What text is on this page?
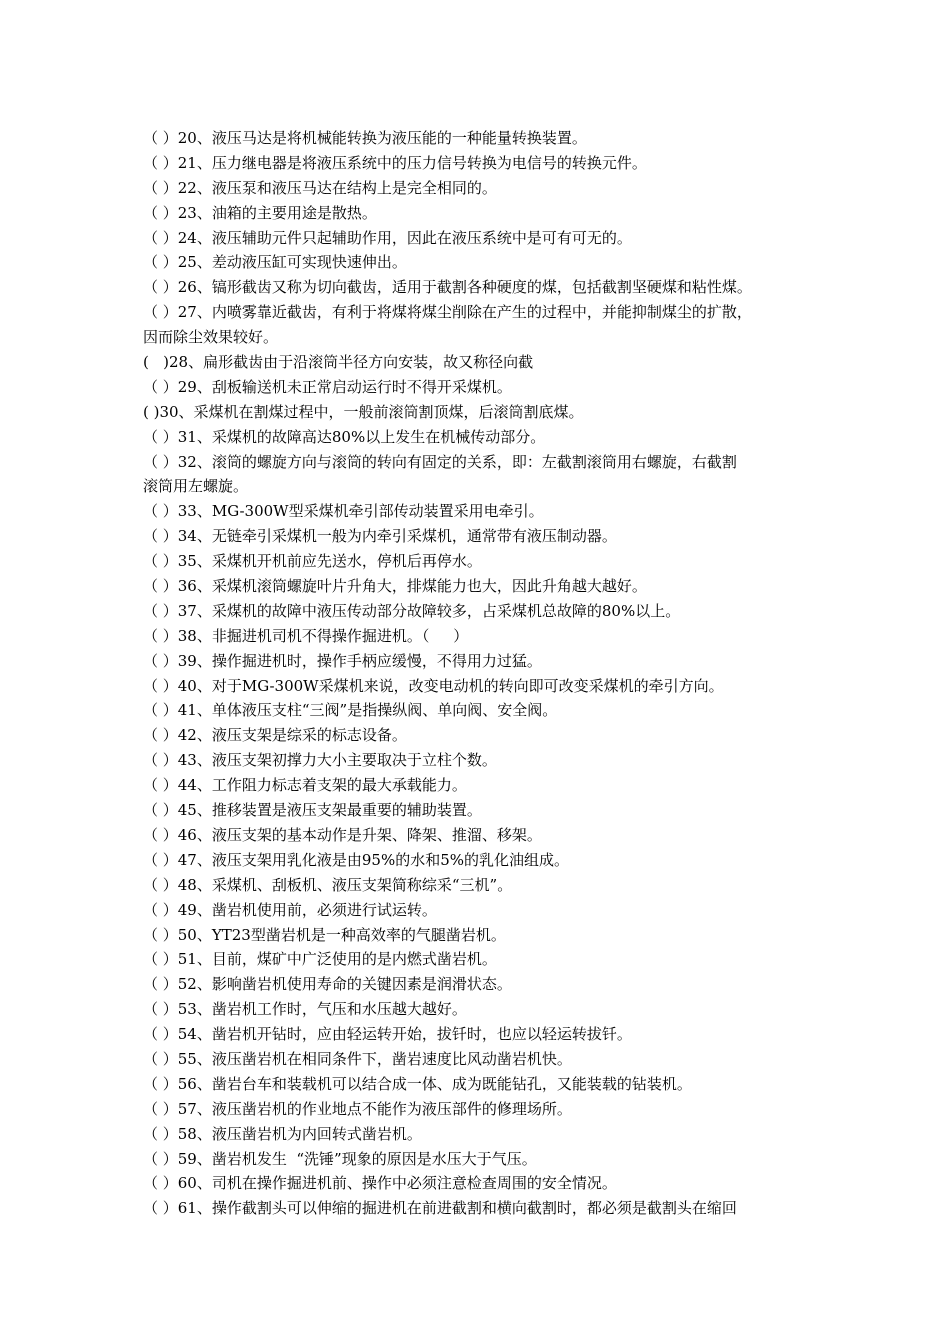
（ ）20、液压马达是将机械能转换为液压能的一种能量转换装置。
（ ）21、压力继电器是将液压系统中的压力信号转换为电信号的转换元件。
（ ）22、液压泵和液压马达在结构上是完全相同的。
（ ）23、油箱的主要用途是散热。
（ ）24、液压辅助元件只起辅助作用，因此在液压系统中是可有可无的。
（ ）25、差动液压缸可实现快速伸出。
（ ）26、镐形截齿又称为切向截齿，适用于截割各种硬度的煤，包括截割坚硬煤和粘性煤。
（ ）27、内喷雾靠近截齿，有利于将煤将煤尘削除在产生的过程中，并能抑制煤尘的扩散，
因而除尘效果较好。
(   )28、扁形截齿由于沿滚筒半径方向安装，故又称径向截
（ ）29、刮板输送机未正常启动运行时不得开采煤机。
( )30、采煤机在割煤过程中，一般前滚筒割顶煤，后滚筒割底煤。
（ ）31、采煤机的故障高达80%以上发生在机械传动部分。
（ ）32、滚筒的螺旋方向与滚筒的转向有固定的关系，即：左截割滚筒用右螺旋，右截割
滚筒用左螺旋。
（ ）33、MG-300W型采煤机牵引部传动装置采用电牵引。
（ ）34、无链牵引采煤机一般为内牵引采煤机，通常带有液压制动器。
（ ）35、采煤机开机前应先送水，停机后再停水。
（ ）36、采煤机滚筒螺旋叶片升角大，排煤能力也大，因此升角越大越好。
（ ）37、采煤机的故障中液压传动部分故障较多，占采煤机总故障的80%以上。
（ ）38、非掘进机司机不得操作掘进机。（     ）
（ ）39、操作掘进机时，操作手柄应缓慢，不得用力过猛。
（ ）40、对于MG-300W采煤机来说，改变电动机的转向即可改变采煤机的牵引方向。
（ ）41、单体液压支柱“三阀”是指操纵阀、单向阀、安全阀。
（ ）42、液压支架是综采的标志设备。
（ ）43、液压支架初撑力大小主要取决于立柱个数。
（ ）44、工作阻力标志着支架的最大承载能力。
（ ）45、推移装置是液压支架最重要的辅助装置。
（ ）46、液压支架的基本动作是升架、降架、推溜、移架。
（ ）47、液压支架用乳化液是由95%的水和5%的乳化油组成。
（ ）48、采煤机、刮板机、液压支架简称综采“三机”。
（ ）49、凿岩机使用前，必须进行试运转。
（ ）50、YT23型凿岩机是一种高效率的气腿凿岩机。
（ ）51、目前，煤矿中广泛使用的是内燃式凿岩机。
（ ）52、影响凿岩机使用寿命的关键因素是润滑状态。
（ ）53、凿岩机工作时，气压和水压越大越好。
（ ）54、凿岩机开钻时，应由轻运转开始，拔钎时，也应以轻运转拔钎。
（ ）55、液压凿岩机在相同条件下，凿岩速度比风动凿岩机快。
（ ）56、凿岩台车和装载机可以结合成一体、成为既能钻孔，又能装载的钻装机。
（ ）57、液压凿岩机的作业地点不能作为液压部件的修理场所。
（ ）58、液压凿岩机为内回转式凿岩机。
（ ）59、凿岩机发生  “洗锤”现象的原因是水压大于气压。
（ ）60、司机在操作掘进机前、操作中必须注意检查周围的安全情况。
（ ）61、操作截割头可以伸缩的掘进机在前进截割和横向截割时，都必须是截割头在缩回
